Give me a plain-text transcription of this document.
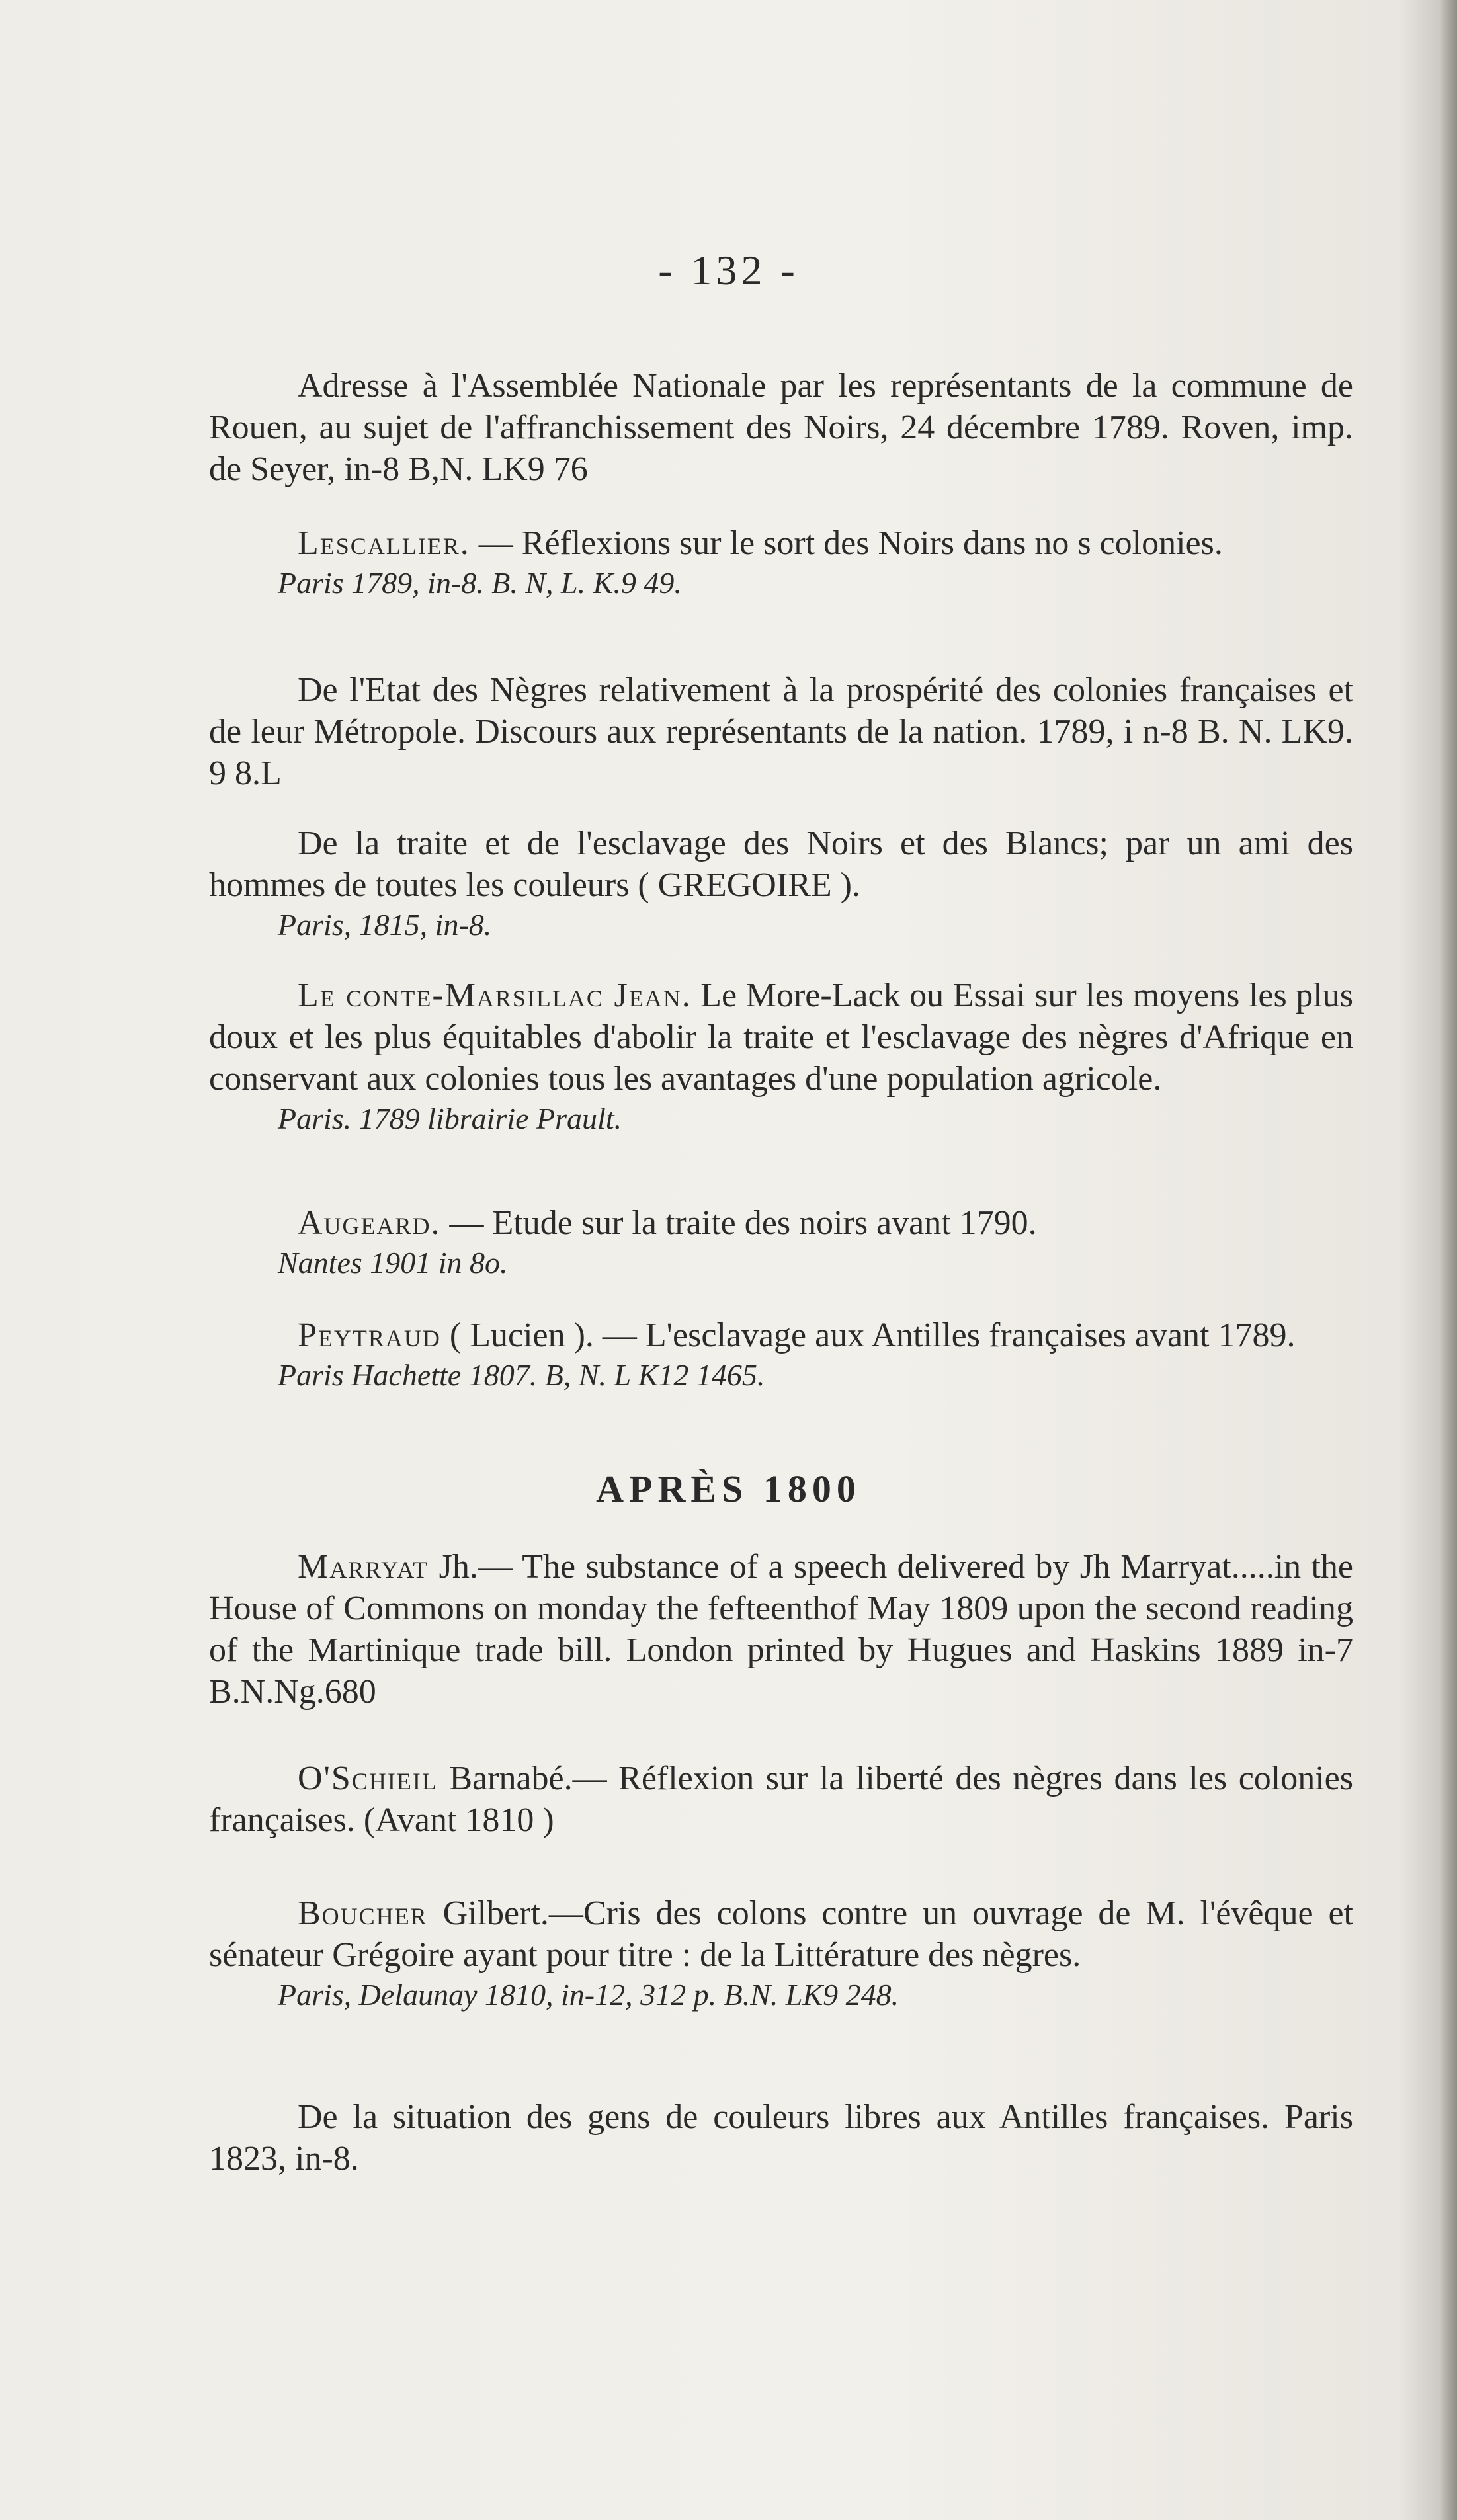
- 132 -

Adresse à l'Assemblée Nationale par les représentants de la commune de Rouen, au sujet de l'affranchissement des Noirs, 24 décembre 1789. Roven, imp. de Seyer, in-8 B,N. LK9 76

Lescallier. — Réflexions sur le sort des Noirs dans no s colonies.

Paris 1789, in-8. B. N, L. K.9 49.

De l'Etat des Nègres relativement à la prospérité des colonies françaises et de leur Métropole. Discours aux représentants de la nation. 1789, i n-8 B. N. LK9. 9 8.L

De la traite et de l'esclavage des Noirs et des Blancs; par un ami des hommes de toutes les couleurs ( GREGOIRE ).

Paris, 1815, in-8.

Le conte-Marsillac Jean. Le More-Lack ou Essai sur les moyens les plus doux et les plus équitables d'abolir la traite et l'esclavage des nègres d'Afrique en conservant aux colonies tous les avantages d'une population agricole.

Paris. 1789 librairie Prault.

Augeard. — Etude sur la traite des noirs avant 1790.

Nantes 1901 in 8o.

Peytraud ( Lucien ). — L'esclavage aux Antilles françaises avant 1789.

Paris Hachette 1807. B, N. L K12 1465.

APRÈS 1800

Marryat Jh.— The substance of a speech delivered by Jh Marryat.....in the House of Commons on monday the fefteenthof May 1809 upon the second reading of the Martinique trade bill. London printed by Hugues and Haskins 1889 in-7 B.N.Ng.680

O'Schieil Barnabé.— Réflexion sur la liberté des nègres dans les colonies françaises. (Avant 1810 )

Boucher Gilbert.—Cris des colons contre un ouvrage de M. l'évêque et sénateur Grégoire ayant pour titre : de la Littérature des nègres.

Paris, Delaunay 1810, in-12, 312 p. B.N. LK9 248.

De la situation des gens de couleurs libres aux Antilles françaises. Paris 1823, in-8.
